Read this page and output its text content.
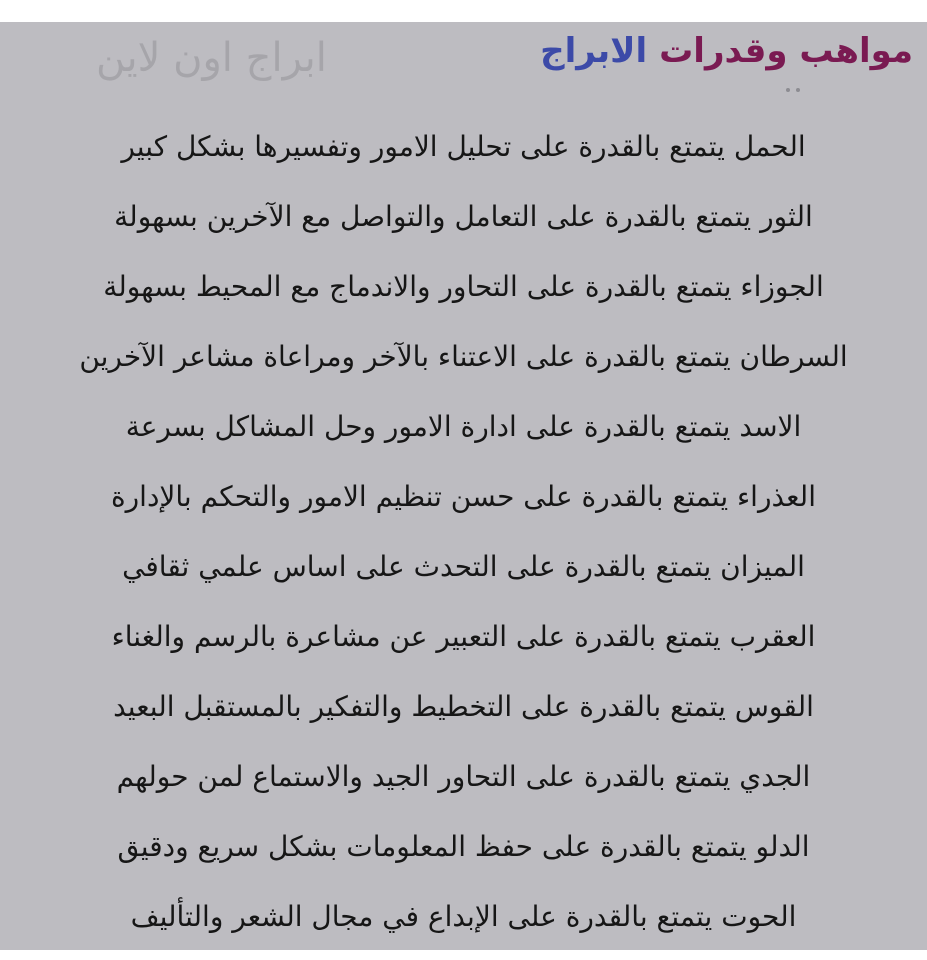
مواهب وقدراتالابراج
ابراج اون لاين
الحمل يتمتع بالقدرة على تحليل الامور وتفسيرها بشكل كبير
الثور يتمتع بالقدرة على التعامل والتواصل مع الآخرين بسهولة
الجوزاء يتمتع بالقدرة على التحاور والاندماج مع المحيط بسهولة
السرطان يتمتع بالقدرة على الاعتناء بالآخر ومراعاة مشاعر الآخرين
الاسد يتمتع بالقدرة على ادارة الامور وحل المشاكل بسرعة
العذراء يتمتع بالقدرة على حسن تنظيم الامور والتحكم بالإدارة
الميزان يتمتع بالقدرة على التحدث على اساس علمي ثقافي
العقرب يتمتع بالقدرة على التعبير عن مشاعرة بالرسم والغناء
القوس يتمتع بالقدرة على التخطيط والتفكير بالمستقبل البعيد
الجدي يتمتع بالقدرة على التحاور الجيد والاستماع لمن حولهم
الدلو يتمتع بالقدرة على حفظ المعلومات بشكل سريع ودقيق
الحوت يتمتع بالقدرة على الإبداع في مجال الشعر والتأليف
